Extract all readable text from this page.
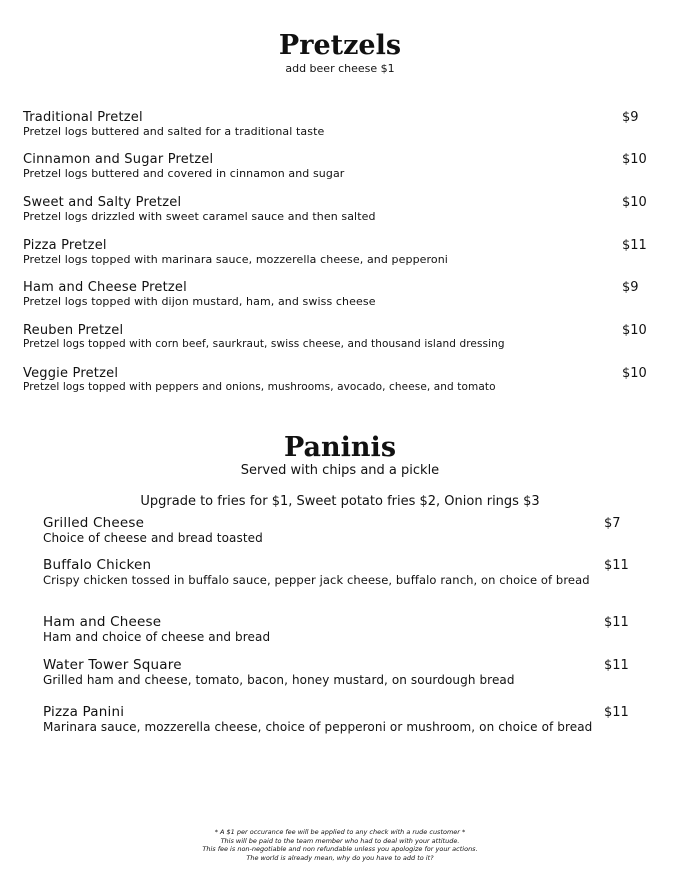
Pretzels
add beer cheese $1
Traditional Pretzel
Pretzel logs buttered and salted for a traditional taste
$9
Cinnamon and Sugar Pretzel
Pretzel logs buttered and covered in cinnamon and sugar
$10
Sweet and Salty Pretzel
Pretzel logs drizzled with sweet caramel sauce and then salted
$10
Pizza Pretzel
Pretzel logs topped with marinara sauce, mozzerella cheese, and pepperoni
$11
Ham and Cheese Pretzel
Pretzel logs topped with dijon mustard, ham, and swiss cheese
$9
Reuben Pretzel
Pretzel logs topped with corn beef, saurkraut, swiss cheese, and thousand island dressing
$10
Veggie Pretzel
Pretzel logs topped with peppers and onions, mushrooms, avocado, cheese, and tomato
$10
Paninis
Served with chips and a pickle
Upgrade to fries for $1, Sweet potato fries $2, Onion rings $3
Grilled Cheese
Choice of cheese and bread toasted
$7
Buffalo Chicken
Crispy chicken tossed in buffalo sauce, pepper jack cheese, buffalo ranch, on choice of bread
$11
Ham and Cheese
Ham and choice of cheese and bread
$11
Water Tower Square
Grilled ham and cheese, tomato, bacon, honey mustard, on sourdough bread
$11
Pizza Panini
Marinara sauce, mozzerella cheese, choice of pepperoni or mushroom, on choice of bread
$11
* A $1 per occurance fee will be applied to any check with a rude customer *
This will be paid to the team member who had to deal with your attitude.
This fee is non-negotiable and non refundable unless you apologize for your actions.
The world is already mean, why do you have to add to it?
